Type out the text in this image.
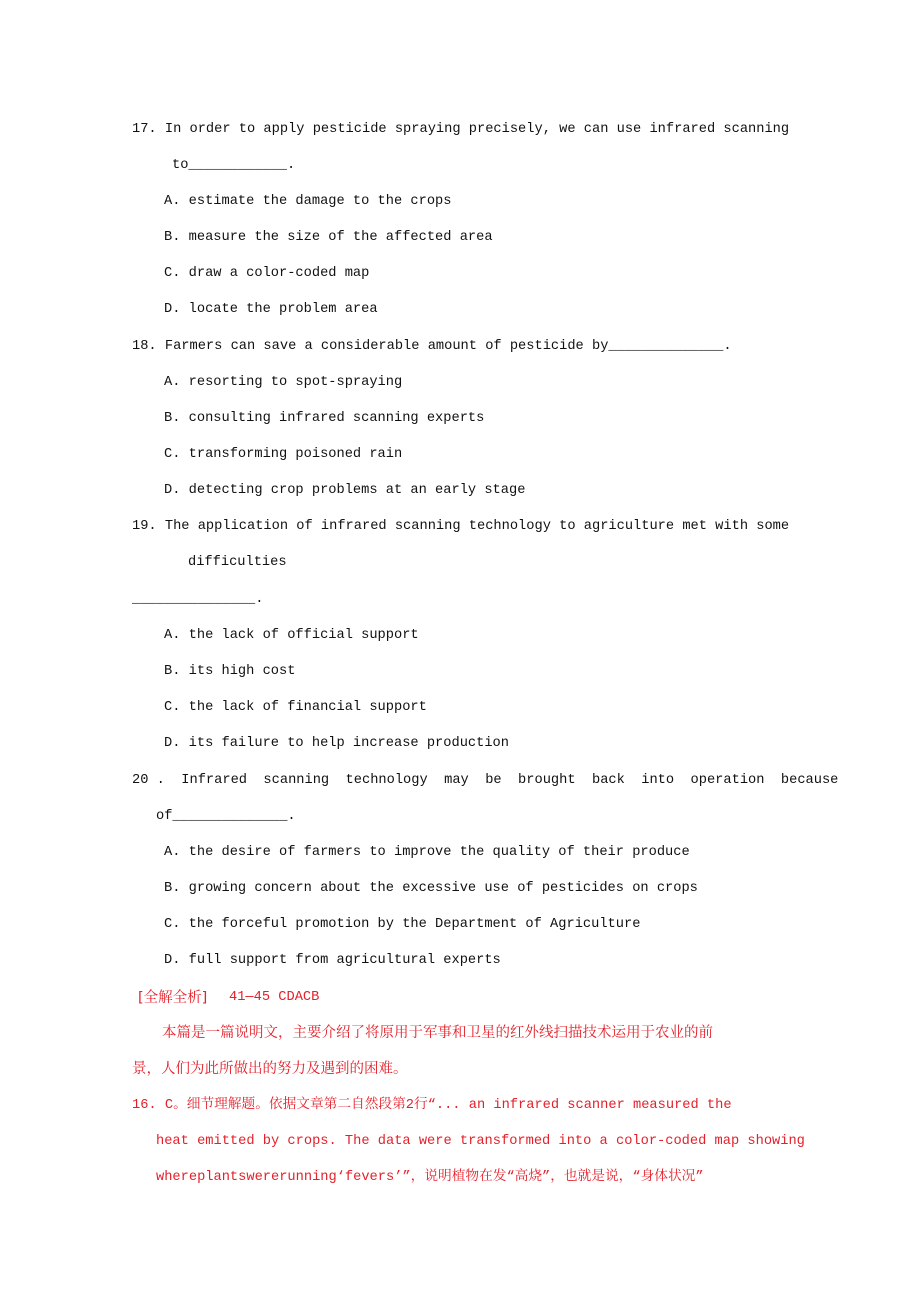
17. In order to apply pesticide spraying precisely, we can use infrared scanning
to____________.
A. estimate the damage to the crops
B. measure the size of the affected area
C. draw a color-coded map
D. locate the problem area
18. Farmers can save a considerable amount of pesticide by______________.
A. resorting to spot-spraying
B. consulting infrared scanning experts
C. transforming poisoned rain
D. detecting crop problems at an early stage
19. The application of infrared scanning technology to agriculture met with some
difficulties
_______________.
A. the lack of official support
B. its high cost
C. the lack of financial support
D. its failure to help increase production
20 .  Infrared  scanning  technology  may  be  brought  back  into  operation  because
of______________.
A. the desire of farmers to improve the quality of their produce
B. growing concern about the excessive use of pesticides on crops
C. the forceful promotion by the Department of Agriculture
D. full support from agricultural experts
[全解全析] 41—45 CDACB
本篇是一篇说明文，主要介绍了将原用于军事和卫星的红外线扫描技术运用于农业的前
景，人们为此所做出的努力及遇到的困难。
16. C。细节理解题。依据文章第二自然段第2行“... an infrared scanner measured the
heat emitted by crops. The data were transformed into a color-coded map showing
whereplantswererunning‘fevers’”，说明植物在发“高烧”，也就是说，“身体状况”
